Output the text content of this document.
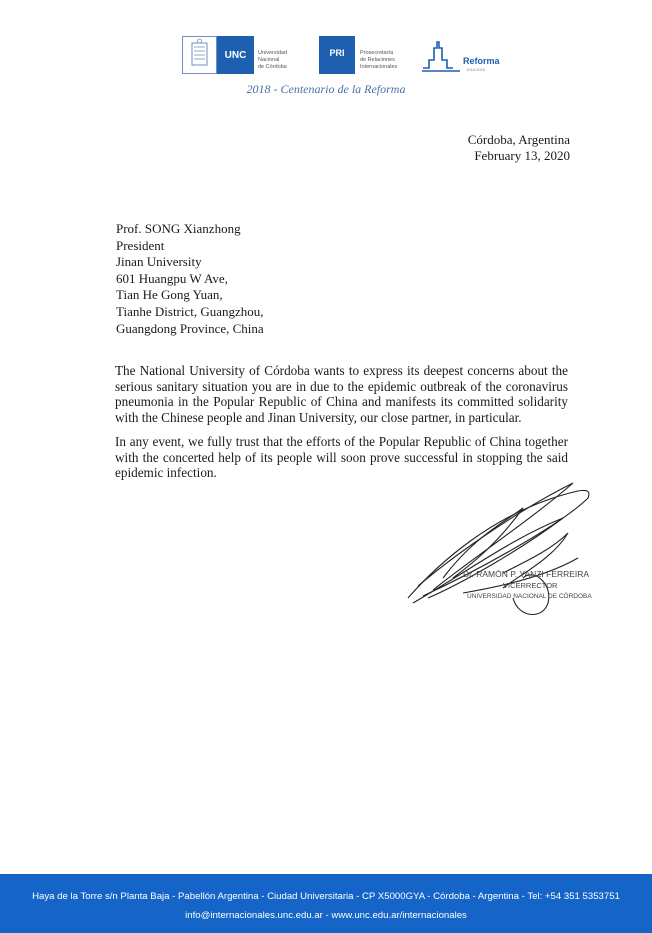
UNC Universidad
Nacional
de Córdoba
PRI	Prosecretaría
de Relaciones
Internacionales
Reforma
1918-2018
2018 - Centenario de la Reforma
Córdoba, Argentina
February 13, 2020
Prof. SONG Xianzhong
President
Jinan University
601 Huangpu W Ave,
Tian He Gong Yuan,
Tianhe District, Guangzhou,
Guangdong Province, China
The National University of Córdoba wants to express its deepest concerns about the serious sanitary situation you are in due to the epidemic outbreak of the coronavirus pneumonia in the Popular Republic of China and manifests its committed solidarity with the Chinese people and Jinan University, our close partner, in particular.
In any event, we fully trust that the efforts of the Popular Republic of China together with the concerted help of its people will soon prove successful in stopping the said epidemic infection.
Dr. RAMÓN P. YANZI FERREIRA
VICERRECTOR
UNIVERSIDAD NACIONAL DE CÓRDOBA
Haya de la Torre s/n Planta Baja - Pabellón Argentina - Ciudad Universitaria - CP X5000GYA - Córdoba - Argentina - Tel: +54 351 5353751
info@internacionales.unc.edu.ar - www.unc.edu.ar/internacionales
